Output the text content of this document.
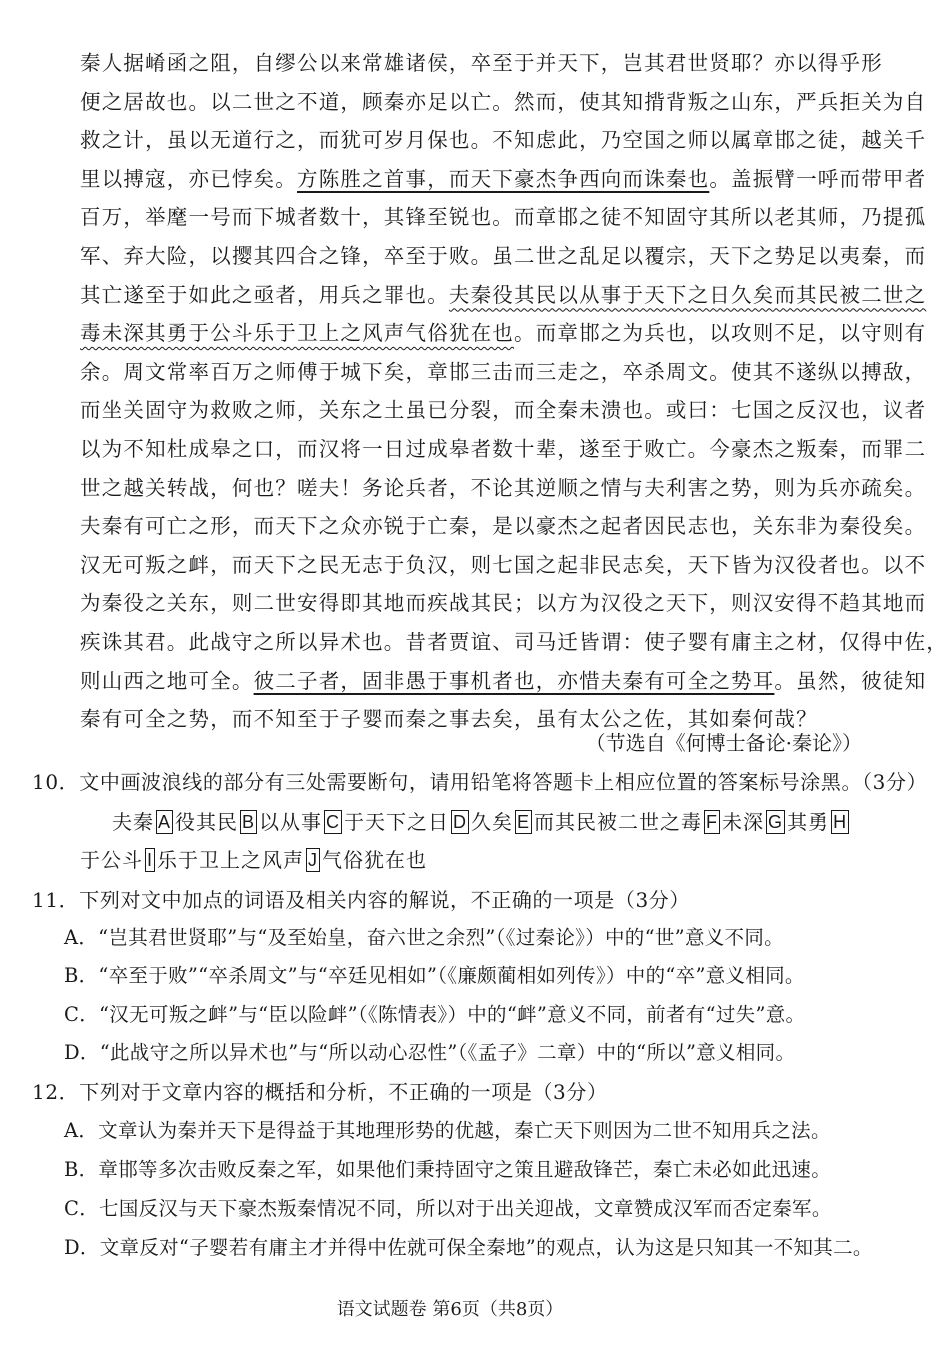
秦人据崤函之阻，自缪公以来常雄诸侯，卒至于并天下，岂其君世贤耶？亦以得乎形
便之居故也。以二世之不道，顾秦亦足以亡。然而，使其知揹背叛之山东，严兵拒关为自
救之计，虽以无道行之，而犹可岁月保也。不知虑此，乃空国之师以属章邯之徒，越关千
里以搏寇，亦已悖矣。方陈胜之首事，而天下豪杰争西向而诛秦也。盖振臂一呼而带甲者
百万，举麾一号而下城者数十，其锋至锐也。而章邯之徒不知固守其所以老其师，乃提孤
军、弃大险，以撄其四合之锋，卒至于败。虽二世之乱足以覆宗，天下之势足以夷秦，而
其亡遂至于如此之亟者，用兵之罪也。夫秦役其民以从事于天下之日久矣而其民被二世之
毒未深其勇于公斗乐于卫上之风声气俗犹在也。而章邯之为兵也，以攻则不足，以守则有
余。周文常率百万之师傅于城下矣，章邯三击而三走之，卒杀周文。使其不遂纵以搏敌，
而坐关固守为救败之师，关东之土虽已分裂，而全秦未溃也。或曰：七国之反汉也，议者
以为不知杜成皋之口，而汉将一日过成皋者数十辈，遂至于败亡。今豪杰之叛秦，而罪二
世之越关转战，何也？嗟夫！务论兵者，不论其逆顺之情与夫利害之势，则为兵亦疏矣。
夫秦有可亡之形，而天下之众亦锐于亡秦，是以豪杰之起者因民志也，关东非为秦役矣。
汉无可叛之衅，而天下之民无志于负汉，则七国之起非民志矣，天下皆为汉役者也。以不
为秦役之关东，则二世安得即其地而疾战其民；以方为汉役之天下，则汉安得不趋其地而
疾诛其君。此战守之所以异术也。昔者贾谊、司马迁皆谓：使子婴有庸主之材，仅得中佐，
则山西之地可全。彼二子者，固非愚于事机者也，亦惜夫秦有可全之势耳。虽然，彼徒知
秦有可全之势，而不知至于子婴而秦之事去矣，虽有太公之佐，其如秦何哉？
（节选自《何博士备论·秦论》）
10．文中画波浪线的部分有三处需要断句，请用铅笔将答题卡上相应位置的答案标号涂黑。（3分）
夫秦 A 役其民 B 以从事 C 于天下之日 D 久矣 E 而其民被二世之毒 F 未深 G 其勇 H
于公斗 I 乐于卫上之风声 J 气俗犹在也
11．下列对文中加点的词语及相关内容的解说，不正确的一项是（3分）
A．“岂其君世贤耶”与“及至始皇，奋六世之余烈”（《过秦论》）中的“世”意义不同。
B．“卒至于败”“卒杀周文”与“卒廷见相如”（《廉颇蔺相如列传》）中的“卒”意义相同。
C．“汉无可叛之衅”与“臣以险衅”（《陈情表》）中的“衅”意义不同，前者有“过失”意。
D．“此战守之所以异术也”与“所以动心忍性”（《孟子》二章）中的“所以”意义相同。
12．下列对于文章内容的概括和分析，不正确的一项是（3分）
A．文章认为秦并天下是得益于其地理形势的优越，秦亡天下则因为二世不知用兵之法。
B．章邯等多次击败反秦之军，如果他们秉持固守之策且避敌锋芒，秦亡未必如此迅速。
C．七国反汉与天下豪杰叛秦情况不同，所以对于出关迎战，文章赞成汉军而否定秦军。
D．文章反对“子婴若有庸主才并得中佐就可保全秦地”的观点，认为这是只知其一不知其二。
语文试题卷 第6页（共8页）
